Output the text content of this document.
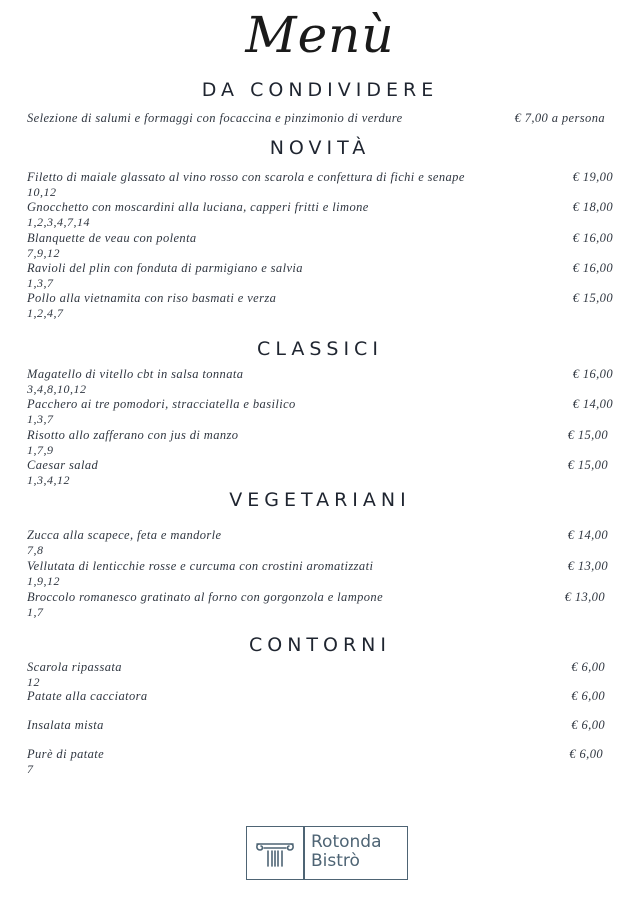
Menù
DA CONDIVIDERE
Selezione di salumi e formaggi con focaccina e pinzimonio di verdure	€ 7,00 a persona
NOVITÀ
Filetto di maiale glassato al vino rosso con scarola e confettura di fichi e senape	€ 19,00
10,12
Gnocchetto con moscardini alla luciana, capperi fritti e limone	€ 18,00
1,2,3,4,7,14
Blanquette de veau con polenta	€ 16,00
7,9,12
Ravioli del plin con fonduta di parmigiano e salvia	€ 16,00
1,3,7
Pollo alla vietnamita con riso basmati e verza	€ 15,00
1,2,4,7
CLASSICI
Magatello di vitello cbt in salsa tonnata	€ 16,00
3,4,8,10,12
Pacchero ai tre pomodori, stracciatella e basilico	€ 14,00
1,3,7
Risotto allo zafferano con jus di manzo	€ 15,00
1,7,9
Caesar salad	€ 15,00
1,3,4,12
VEGETARIANI
Zucca alla scapece, feta e mandorle	€ 14,00
7,8
Vellutata di lenticchie rosse e curcuma con crostini aromatizzati	€ 13,00
1,9,12
Broccolo romanesco gratinato al forno con gorgonzola e lampone	€ 13,00
1,7
CONTORNI
Scarola ripassata	€ 6,00
12
Patate alla cacciatora	€ 6,00
Insalata mista	€ 6,00
Purè di patate	€ 6,00
7
Rotonda
Bistrò
